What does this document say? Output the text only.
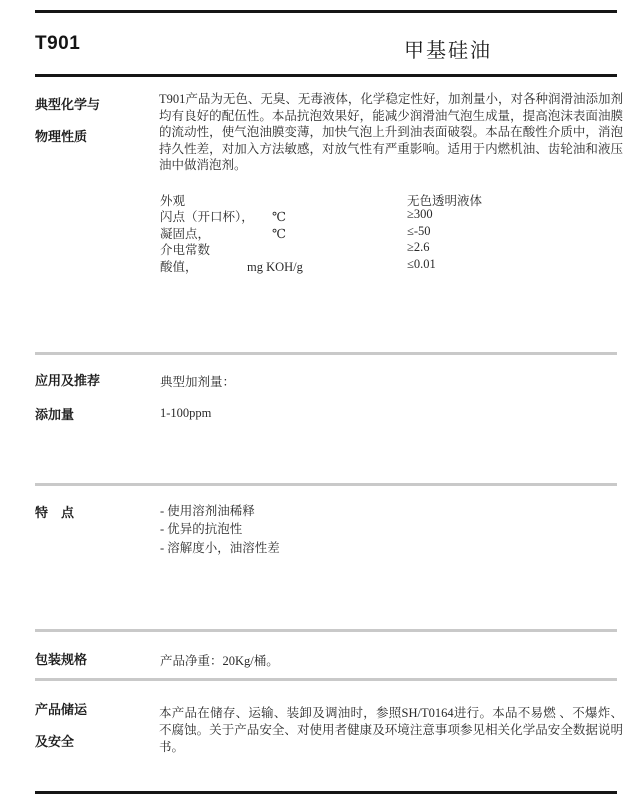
T901	甲基硅油
典型化学与
物理性质
T901产品为无色、无臭、无毒液体，化学稳定性好，加剂量小，对各种润滑油添加剂均有良好的配伍性。本品抗泡效果好，能减少润滑油气泡生成量，提高泡沫表面油膜的流动性，使气泡油膜变薄，加快气泡上升到油表面破裂。本品在酸性介质中，消泡持久性差，对加入方法敏感，对放气性有严重影响。适用于内燃机油、齿轮油和液压油中做消泡剂。
外观	无色透明液体
闪点（开口杯）， ℃	≥300
凝固点，	℃	≤-50
介电常数	≥2.6
酸值，	mg KOH/g	≤0.01
应用及推荐	典型加剂量：
添加量	1-100ppm
特　点	- 使用溶剂油稀释
- 优异的抗泡性
- 溶解度小，油溶性差
包装规格	产品净重：20Kg/桶。
产品储运
及安全
本产品在储存、运输、装卸及调油时，参照SH/T0164进行。本品不易燃 、不爆炸、不腐蚀。关于产品安全、对使用者健康及环境注意事项参见相关化学品安全数据说明书。
